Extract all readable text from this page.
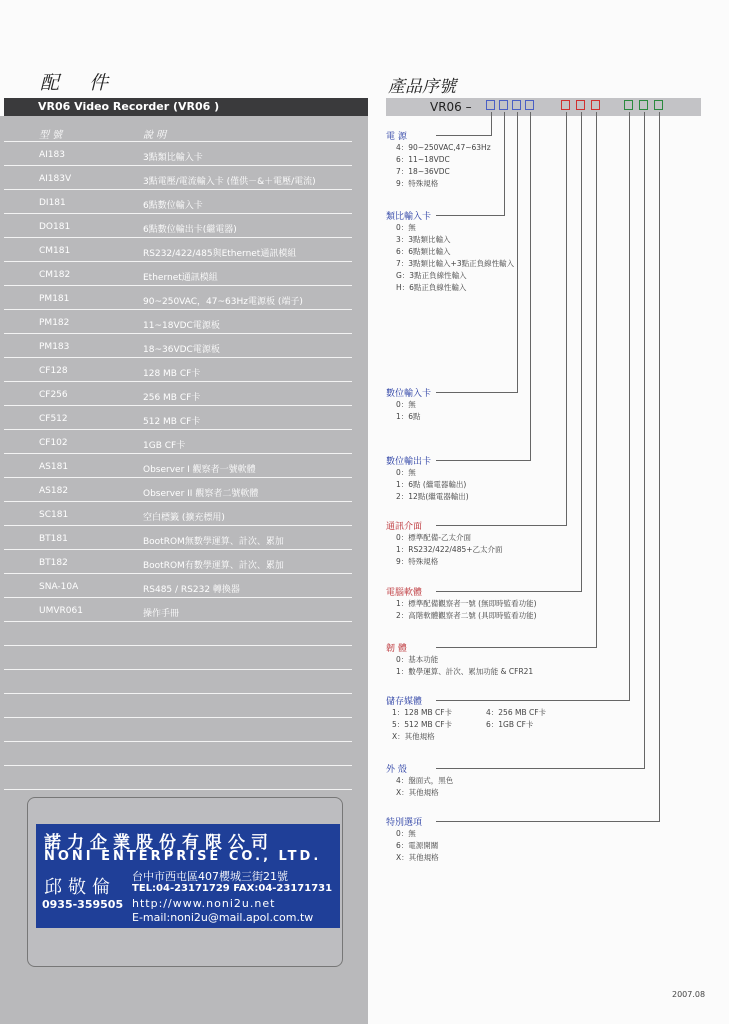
配件
VR06 Video Recorder (VR06 )
型 號	說 明
AI183	3點類比輸入卡
AI183V	3點電壓/電流輸入卡 (僅供－&＋電壓/電流)
DI181	6點數位輸入卡
DO181	6點數位輸出卡(繼電器)
CM181	RS232/422/485與Ethernet通訊模組
CM182	Ethernet通訊模組
PM181	90~250VAC，47~63Hz電源板 (端子)
PM182	11~18VDC電源板
PM183	18~36VDC電源板
CF128	128 MB CF卡
CF256	256 MB CF卡
CF512	512 MB CF卡
CF102	1GB CF卡
AS181	Observer I 觀察者一號軟體
AS182	Observer II 觀察者二號軟體
SC181	空白標籤 (擴充標用)
BT181	BootROM無數學運算、計次、累加
BT182	BootROM有數學運算、計次、累加
SNA-10A	RS485 / RS232 轉換器
UMVR061	操作手冊
諾力企業股份有限公司
NONI ENTERPRISE CO., LTD.
邱敬倫
0935-359505
台中市西屯區407櫻城三街21號
TEL:04-23171729 FAX:04-23171731
http://www.noni2u.net
E-mail:noni2u@mail.apol.com.tw
產品序號
VR06 –
電 源
4：90~250VAC,47~63Hz
6：11~18VDC
7：18~36VDC
9：特殊規格
類比輸入卡
0：無
3：3點類比輸入
6：6點類比輸入
7：3點類比輸入+3點正負線性輸入
G：3點正負線性輸入
H：6點正負線性輸入
數位輸入卡
0：無
1：6點
數位輸出卡
0：無
1：6點 (繼電器輸出)
2：12點(繼電器輸出)
通訊介面
0：標準配備-乙太介面
1：RS232/422/485+乙太介面
9：特殊規格
電腦軟體
1：標準配備觀察者一號 (無即時監看功能)
2：高階軟體觀察者二號 (具即時監看功能)
韌 體
0：基本功能
1：數學運算、計次、累加功能 & CFR21
儲存媒體
1：128 MB CF卡	4：256 MB CF卡
5：512 MB CF卡	6：1GB CF卡
X：其他規格
外 殼
4：盤面式，黑色
X：其他規格
特別選項
0：無
6：電源開關
X：其他規格
2007.08
